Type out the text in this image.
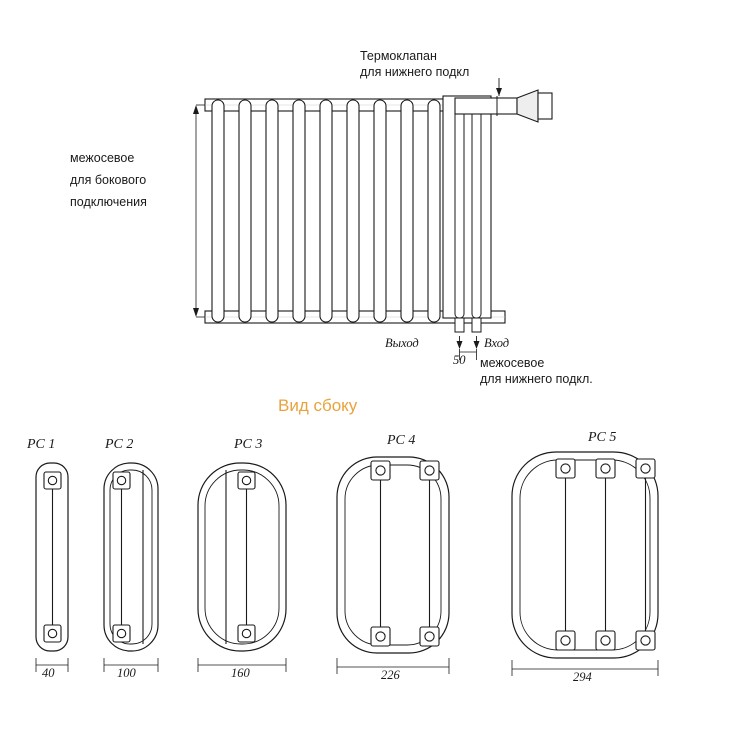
Термоклапан
для нижнего подкл
межосевое
для бокового
подключения
Выход	Вход
50 межосевое
для нижнего подкл.
Вид сбоку
РС 1	РС 2	РС 3	РС 4	РС 5
40	100	160	226	294
